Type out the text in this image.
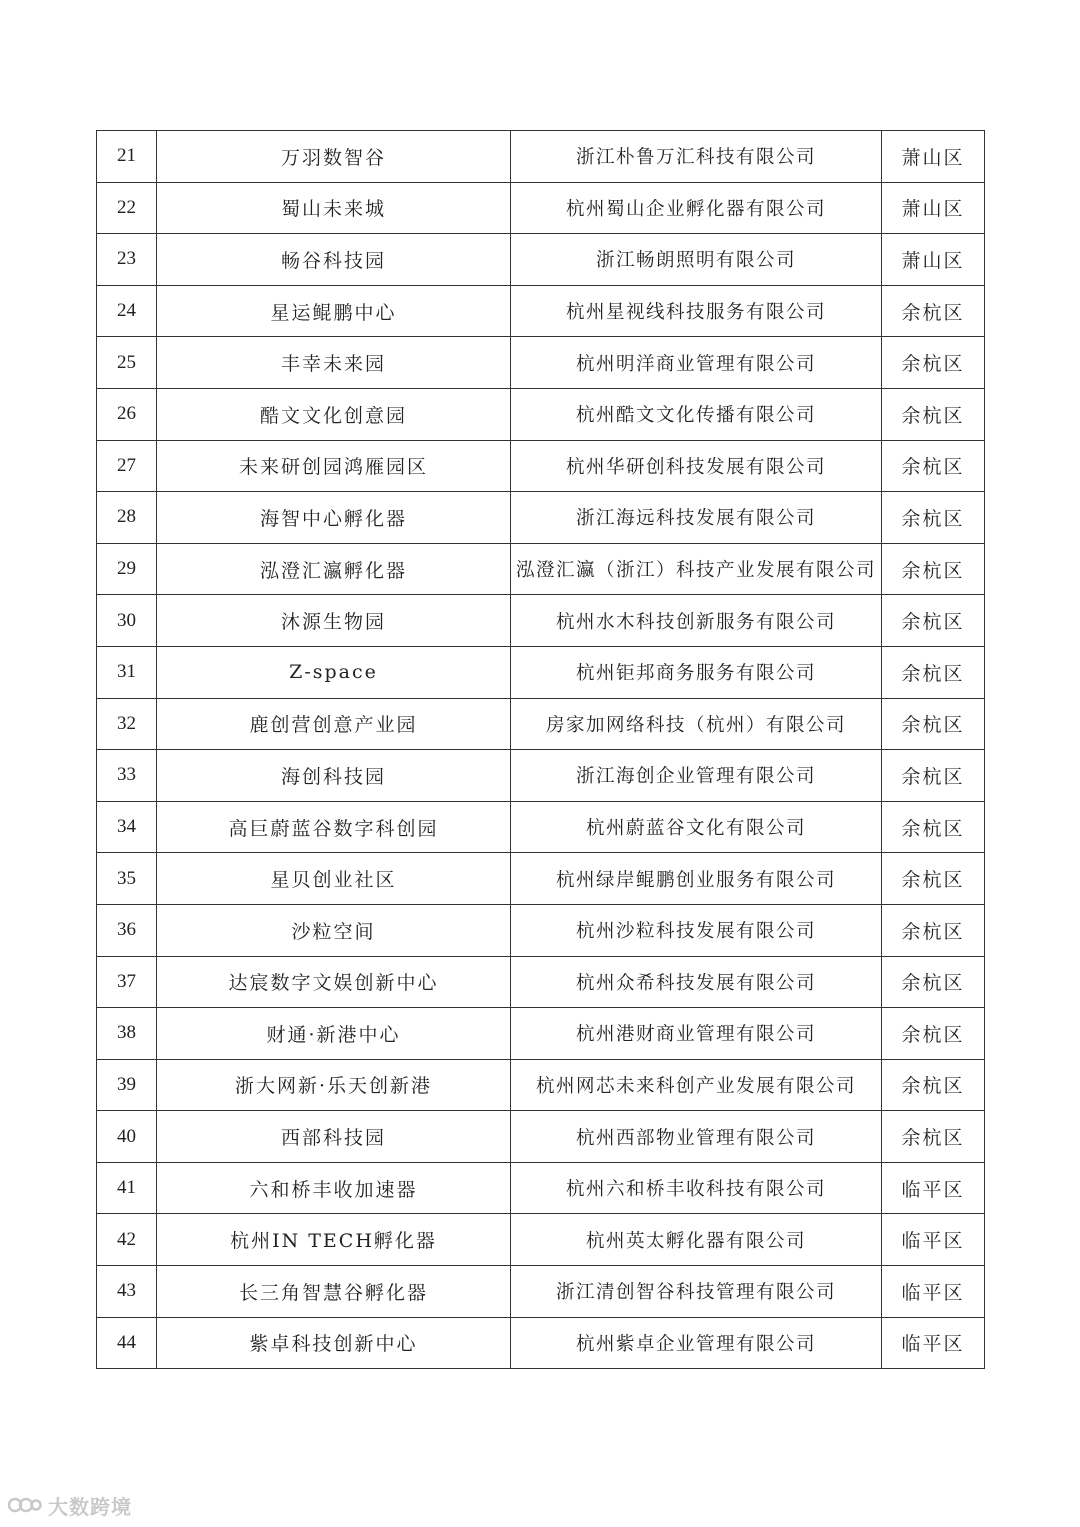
21	万羽数智谷	浙江朴鲁万汇科技有限公司	萧山区
22	蜀山未来城	杭州蜀山企业孵化器有限公司	萧山区
23	畅谷科技园	浙江畅朗照明有限公司	萧山区
24	星运鲲鹏中心	杭州星视线科技服务有限公司	余杭区
25	丰幸未来园	杭州明洋商业管理有限公司	余杭区
26	酷文文化创意园	杭州酷文文化传播有限公司	余杭区
27	未来研创园鸿雁园区	杭州华研创科技发展有限公司	余杭区
28	海智中心孵化器	浙江海远科技发展有限公司	余杭区
29	泓澄汇瀛孵化器	泓澄汇瀛（浙江）科技产业发展有限公司	余杭区
30	沐源生物园	杭州水木科技创新服务有限公司	余杭区
31	Z-space	杭州钜邦商务服务有限公司	余杭区
32	鹿创营创意产业园	房家加网络科技（杭州）有限公司	余杭区
33	海创科技园	浙江海创企业管理有限公司	余杭区
34	高巨蔚蓝谷数字科创园	杭州蔚蓝谷文化有限公司	余杭区
35	星贝创业社区	杭州绿岸鲲鹏创业服务有限公司	余杭区
36	沙粒空间	杭州沙粒科技发展有限公司	余杭区
37	达宸数字文娱创新中心	杭州众希科技发展有限公司	余杭区
38	财通·新港中心	杭州港财商业管理有限公司	余杭区
39	浙大网新·乐天创新港	杭州网芯未来科创产业发展有限公司	余杭区
40	西部科技园	杭州西部物业管理有限公司	余杭区
41	六和桥丰收加速器	杭州六和桥丰收科技有限公司	临平区
42	杭州IN TECH孵化器	杭州英太孵化器有限公司	临平区
43	长三角智慧谷孵化器	浙江清创智谷科技管理有限公司	临平区
44	紫卓科技创新中心	杭州紫卓企业管理有限公司	临平区
大数跨境
